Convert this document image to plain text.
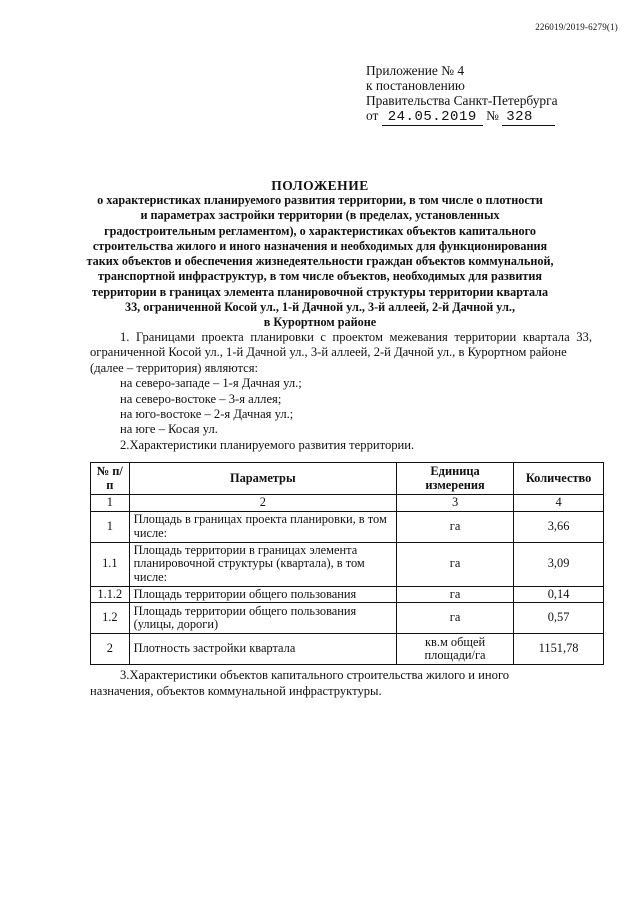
226019/2019-6279(1)
Приложение № 4
к постановлению
Правительства Санкт-Петербурга
от 24.05.2019 № 328
ПОЛОЖЕНИЕ
о характеристиках планируемого развития территории, в том числе о плотности
и параметрах застройки территории (в пределах, установленных
градостроительным регламентом), о характеристиках объектов капитального
строительства жилого и иного назначения и необходимых для функционирования
таких объектов и обеспечения жизнедеятельности граждан объектов коммунальной,
транспортной инфраструктур, в том числе объектов, необходимых для развития
территории в границах элемента планировочной структуры территории квартала
33, ограниченной Косой ул., 1-й Дачной ул., 3-й аллеей, 2-й Дачной ул.,
в Курортном районе
1. Границами проекта планировки с проектом межевания территории квартала 33,
ограниченной Косой ул., 1-й Дачной ул., 3-й аллеей, 2-й Дачной ул., в Курортном районе
(далее – территория) являются:
на северо-западе – 1-я Дачная ул.;
на северо-востоке – 3-я аллея;
на юго-востоке – 2-я Дачная ул.;
на юге – Косая ул.
2.Характеристики планируемого развития территории.
№ п/п	Параметры	Единица измерения	Количество
1	2	3	4
1	Площадь в границах проекта планировки, в том числе:	га	3,66
1.1	Площадь территории в границах элемента планировочной структуры (квартала), в том числе:	га	3,09
1.1.2	Площадь территории общего пользования	га	0,14
1.2	Площадь территории общего пользования (улицы, дороги)	га	0,57
2	Плотность застройки квартала	кв.м общей площади/га	1151,78
3.Характеристики объектов капитального строительства жилого и иного
назначения, объектов коммунальной инфраструктуры.
